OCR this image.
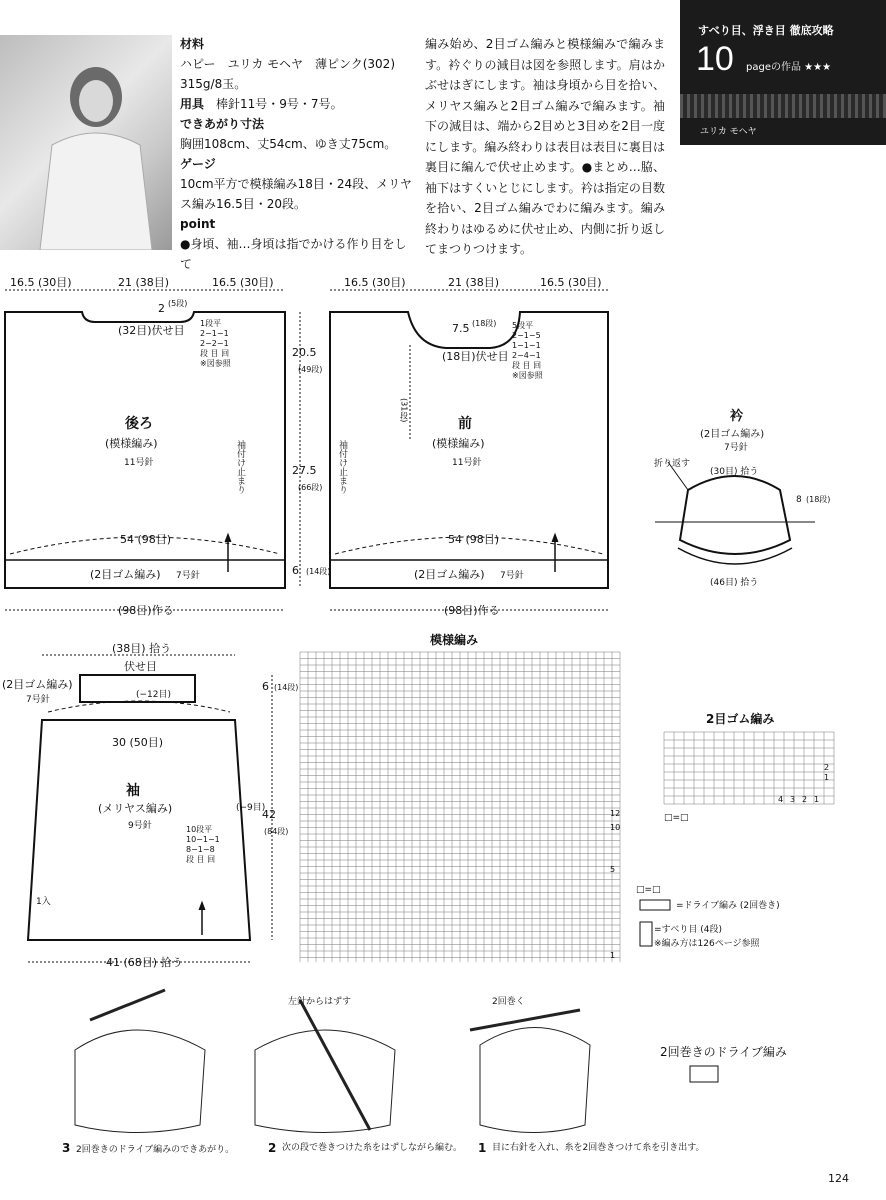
材料
ハピー　ユリカ モヘヤ　薄ピンク(302) 315g/8玉。
用具　 棒針11号・9号・7号。
できあがり寸法
胸囲108cm、丈54cm、ゆき丈75cm。
ゲージ
10cm平方で模様編み18目・24段、メリヤス編み16.5目・20段。
point
●身頃、袖…身頃は指でかける作り目をして
編み始め、2目ゴム編みと模様編みで編みます。衿ぐりの減目は図を参照します。肩はかぶせはぎにします。袖は身頃から目を拾い、メリヤス編みと2目ゴム編みで編みます。袖下の減目は、端から2目めと3目めを2目一度にします。編み終わりは表目は表目に裏目は裏目に編んで伏せ止めます。●まとめ…脇、袖下はすくいとじにします。衿は指定の目数を拾い、2目ゴム編みでわに編みます。編み終わりはゆるめに伏せ止め、内側に折り返してまつりつけます。
すべり目、浮き目 徹底攻略
10 pageの作品 ★★★
ユリカ モヘヤ
16.5 (30目)	21 (38目)	16.5 (30目)
2 (5段)
(32目)伏せ目
1段平
2−1−1
2−2−1
段 目 回
※図参照
後ろ
(模様編み)
11号針	袖付け止まり
54 (98目)
(2目ゴム編み) 7号針
(98目)作る
16.5 (30目)	21 (38目)	16.5 (30目)
7.5 (18段)
(18目)伏せ目
(31段)
5段平
2−1−5
1−1−1
2−4−1
段 目 回
※図参照
前
(模様編み)
11号針
袖付け止まり
54 (98目)
(2目ゴム編み) 7号針
(98目)作る
20.5
(49段)
27.5
(66段)
6 (14段)
衿
(2目ゴム編み)
7号針
折り返す
(30目) 拾う
(46目) 拾う
8 (18段)
(38目) 拾う
伏せ目
(2目ゴム編み)
7号針	(−12目)
6 (14段)
30 (50目)
袖
(メリヤス編み)
9号針	10段平
10−1−1
8−1−8
段 目 回
(−9目)
42
(84段)
1入
41 (68目) 拾う
模様編み
12
10
5
1
2目ゴム編み
4 3 2 1
2
1
□=□
□=□
=ドライブ編み (2回巻き)
=すべり目 (4段)
※編み方は126ページ参照
2回巻きのドライブ編み
3 2回巻きのドライブ編みのできあがり。	2 次の段で巻きつけた糸をはずしながら編む。
左針からはずす
1 目に右針を入れ、糸を2回巻きつけて糸を引き出す。
2回巻く
124
